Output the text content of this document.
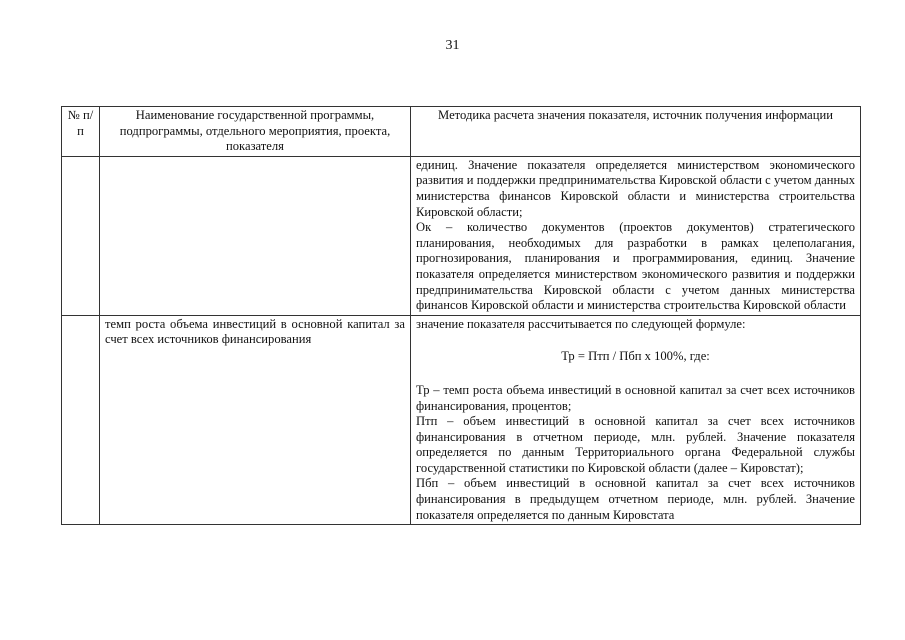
31
№ п/п	Наименование государственной программы, подпрограммы, отдельного мероприятия, проекта, показателя	Методика расчета значения показателя, источник получения информации

		единиц. Значение показателя определяется министерством экономического развития и поддержки предпринимательства Кировской области с учетом данных министерства финансов Кировской области и министерства строительства Кировской области;

Ок – количество документов (проектов документов) стратегического планирования, необходимых для разработки в рамках целеполагания, прогнозирования, планирования и программирования, единиц. Значение показателя определяется министерством экономического развития и поддержки предпринимательства Кировской области с учетом данных министерства финансов Кировской области и министерства строительства Кировской области

	темп роста объема инвестиций в основной капитал за счет всех источников финансирования	значение показателя рассчитывается по следующей формуле:

Тр = Птп / Пбп х 100%, где:

Тр – темп роста объема инвестиций в основной капитал за счет всех источников финансирования, процентов;

Птп – объем инвестиций в основной капитал за счет всех источников финансирования в отчетном периоде, млн. рублей. Значение показателя определяется по данным Территориального органа Федеральной службы государственной статистики по Кировской области (далее – Кировстат);

Пбп – объем инвестиций в основной капитал за счет всех источников финансирования в предыдущем отчетном периоде, млн. рублей. Значение показателя определяется по данным Кировстата
